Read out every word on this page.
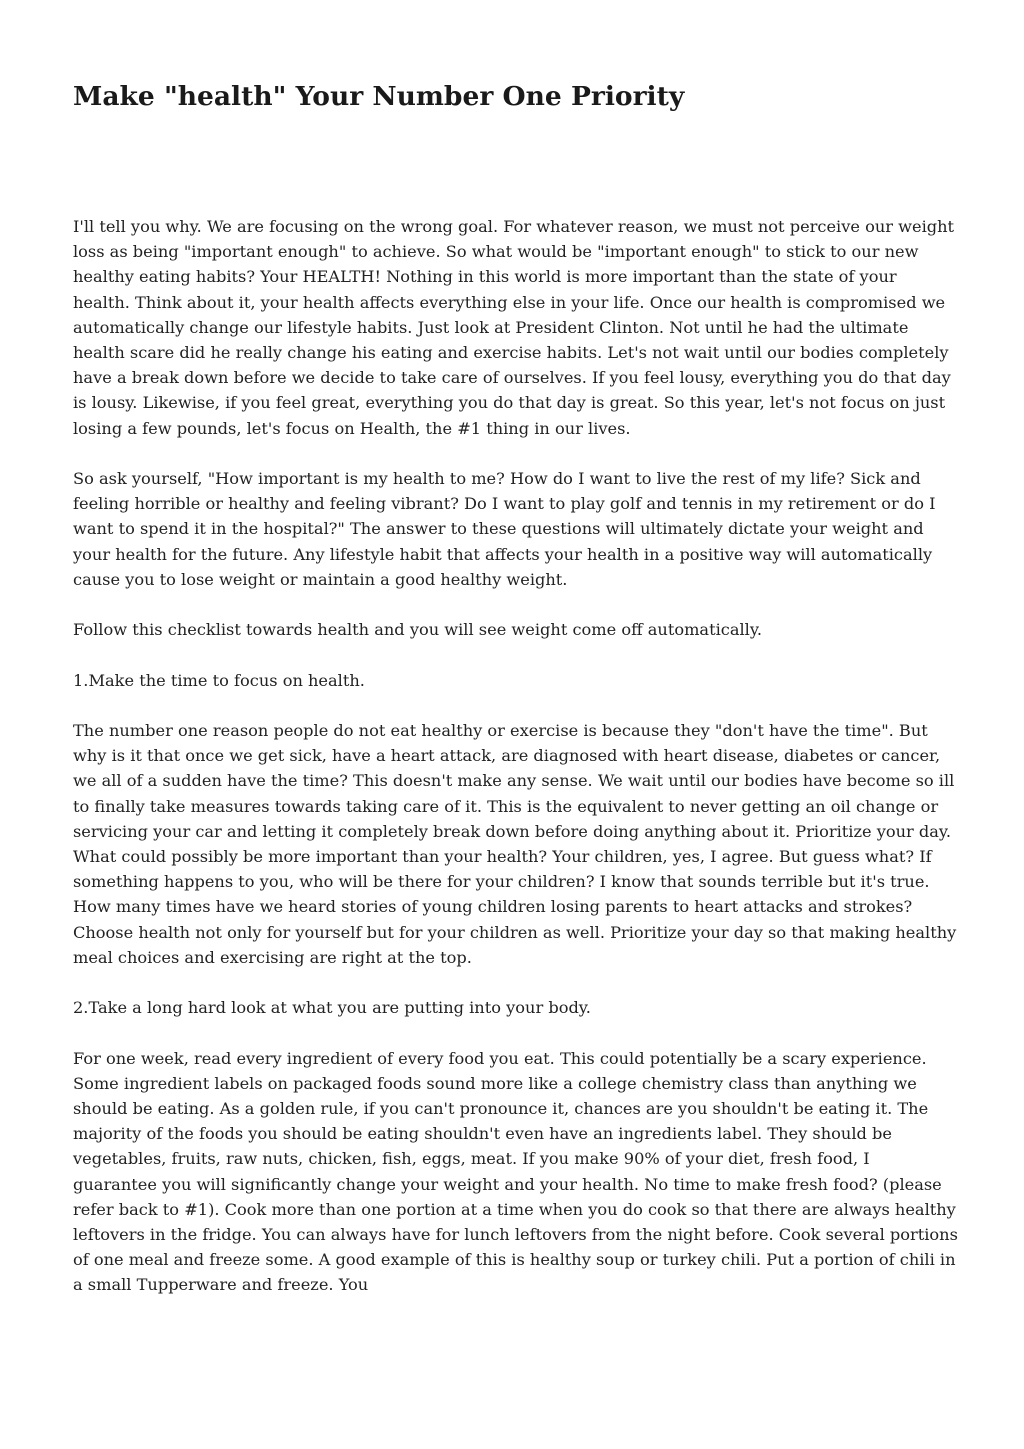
Make "health" Your Number One Priority

I'll tell you why. We are focusing on the wrong goal. For whatever reason, we must not perceive our weight loss as being "important enough" to achieve. So what would be "important enough" to stick to our new healthy eating habits? Your HEALTH! Nothing in this world is more important than the state of your health. Think about it, your health affects everything else in your life. Once our health is compromised we automatically change our lifestyle habits. Just look at President Clinton. Not until he had the ultimate health scare did he really change his eating and exercise habits. Let's not wait until our bodies completely have a break down before we decide to take care of ourselves. If you feel lousy, everything you do that day is lousy. Likewise, if you feel great, everything you do that day is great. So this year, let's not focus on just losing a few pounds, let's focus on Health, the #1 thing in our lives.

So ask yourself, "How important is my health to me? How do I want to live the rest of my life? Sick and feeling horrible or healthy and feeling vibrant? Do I want to play golf and tennis in my retirement or do I want to spend it in the hospital?" The answer to these questions will ultimately dictate your weight and your health for the future. Any lifestyle habit that affects your health in a positive way will automatically cause you to lose weight or maintain a good healthy weight.

Follow this checklist towards health and you will see weight come off automatically.

1.Make the time to focus on health.

The number one reason people do not eat healthy or exercise is because they "don't have the time". But why is it that once we get sick, have a heart attack, are diagnosed with heart disease, diabetes or cancer, we all of a sudden have the time? This doesn't make any sense. We wait until our bodies have become so ill to finally take measures towards taking care of it. This is the equivalent to never getting an oil change or servicing your car and letting it completely break down before doing anything about it. Prioritize your day. What could possibly be more important than your health? Your children, yes, I agree. But guess what? If something happens to you, who will be there for your children? I know that sounds terrible but it's true. How many times have we heard stories of young children losing parents to heart attacks and strokes? Choose health not only for yourself but for your children as well. Prioritize your day so that making healthy meal choices and exercising are right at the top.

2.Take a long hard look at what you are putting into your body.

For one week, read every ingredient of every food you eat. This could potentially be a scary experience. Some ingredient labels on packaged foods sound more like a college chemistry class than anything we should be eating. As a golden rule, if you can't pronounce it, chances are you shouldn't be eating it. The majority of the foods you should be eating shouldn't even have an ingredients label. They should be vegetables, fruits, raw nuts, chicken, fish, eggs, meat. If you make 90% of your diet, fresh food, I guarantee you will significantly change your weight and your health. No time to make fresh food? (please refer back to #1). Cook more than one portion at a time when you do cook so that there are always healthy leftovers in the fridge. You can always have for lunch leftovers from the night before. Cook several portions of one meal and freeze some. A good example of this is healthy soup or turkey chili. Put a portion of chili in a small Tupperware and freeze. You
